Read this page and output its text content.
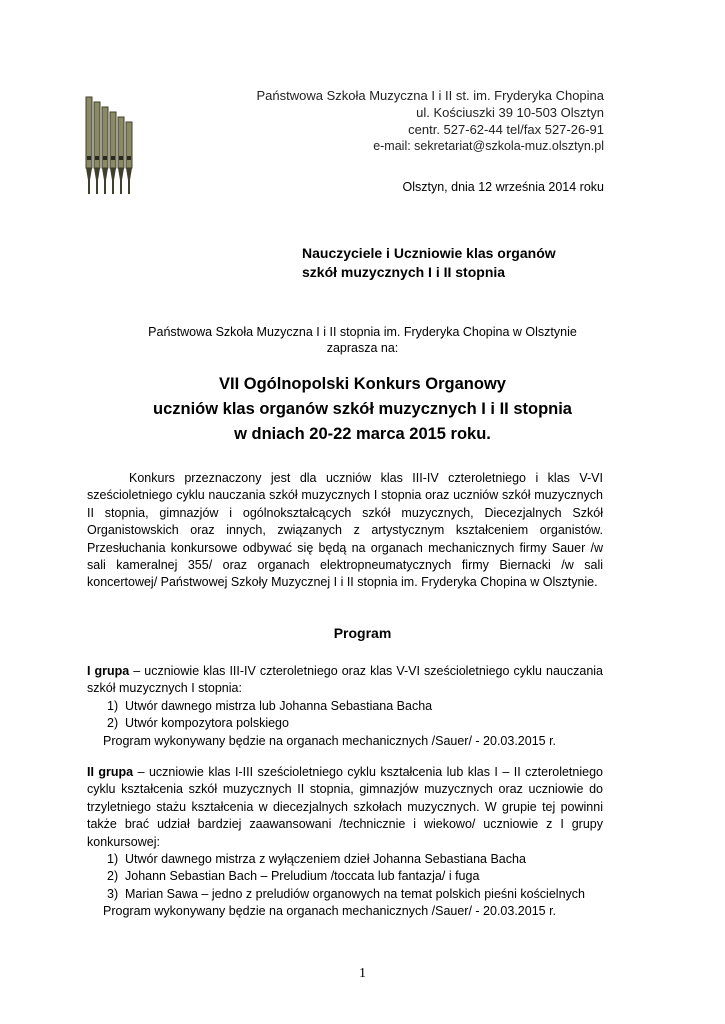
Państwowa Szkoła Muzyczna I i II st. im. Fryderyka Chopina
ul. Kościuszki 39 10-503 Olsztyn
centr. 527-62-44 tel/fax 527-26-91
e-mail: sekretariat@szkola-muz.olsztyn.pl
Olsztyn, dnia 12 września 2014 roku
Nauczyciele i Uczniowie klas organów
szkół muzycznych I i II stopnia
Państwowa Szkoła Muzyczna I i II stopnia im. Fryderyka Chopina w Olsztynie
zaprasza na:
VII Ogólnopolski Konkurs Organowy
uczniów klas organów szkół muzycznych I i II stopnia
w dniach 20-22 marca 2015 roku.
Konkurs przeznaczony jest dla uczniów klas III-IV czteroletniego i klas V-VI sześcioletniego cyklu nauczania szkół muzycznych I stopnia oraz uczniów szkół muzycznych II stopnia, gimnazjów i ogólnokształcących szkół muzycznych, Diecezjalnych Szkół Organistowskich oraz innych, związanych z artystycznym kształceniem organistów. Przesłuchania konkursowe odbywać się będą na organach mechanicznych firmy Sauer /w sali kameralnej 355/ oraz organach elektropneumatycznych firmy Biernacki /w sali koncertowej/ Państwowej Szkoły Muzycznej I i II stopnia im. Fryderyka Chopina w Olsztynie.
Program
I grupa – uczniowie klas III-IV czteroletniego oraz klas V-VI sześcioletniego cyklu nauczania szkół muzycznych I stopnia:
1) Utwór dawnego mistrza lub Johanna Sebastiana Bacha
2) Utwór kompozytora polskiego
Program wykonywany będzie na organach mechanicznych /Sauer/ - 20.03.2015 r.
II grupa – uczniowie klas I-III sześcioletniego cyklu kształcenia lub klas I – II czteroletniego cyklu kształcenia szkół muzycznych II stopnia, gimnazjów muzycznych oraz uczniowie do trzyletniego stażu kształcenia w diecezjalnych szkołach muzycznych. W grupie tej powinni także brać udział bardziej zaawansowani /technicznie i wiekowo/ uczniowie z I grupy konkursowej:
1) Utwór dawnego mistrza z wyłączeniem dzieł Johanna Sebastiana Bacha
2) Johann Sebastian Bach – Preludium /toccata lub fantazja/ i fuga
3) Marian Sawa – jedno z preludiów organowych na temat polskich pieśni kościelnych
Program wykonywany będzie na organach mechanicznych /Sauer/ - 20.03.2015 r.
1
